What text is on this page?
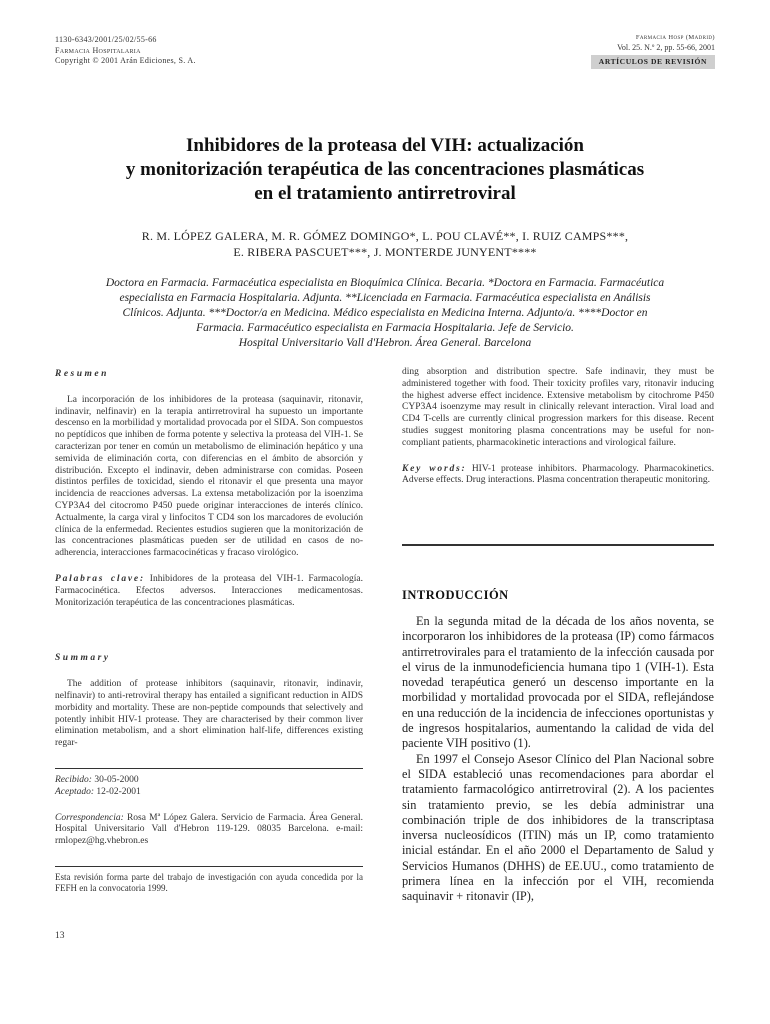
1130-6343/2001/25/02/55-66
Farmacia Hospitalaria
Copyright © 2001 Arán Ediciones, S. A.
Farmacia Hosp (Madrid)
Vol. 25. N.º 2, pp. 55-66, 2001
ARTÍCULOS DE REVISIÓN
Inhibidores de la proteasa del VIH: actualización
y monitorización terapéutica de las concentraciones plasmáticas
en el tratamiento antirretroviral
R. M. LÓPEZ GALERA, M. R. GÓMEZ DOMINGO*, L. POU CLAVÉ**, I. RUIZ CAMPS***,
E. RIBERA PASCUET***, J. MONTERDE JUNYENT****
Doctora en Farmacia. Farmacéutica especialista en Bioquímica Clínica. Becaria. *Doctora en Farmacia. Farmacéutica
especialista en Farmacia Hospitalaria. Adjunta. **Licenciada en Farmacia. Farmacéutica especialista en Análisis
Clínicos. Adjunta. ***Doctor/a en Medicina. Médico especialista en Medicina Interna. Adjunto/a. ****Doctor en
Farmacia. Farmacéutico especialista en Farmacia Hospitalaria. Jefe de Servicio.
Hospital Universitario Vall d'Hebron. Área General. Barcelona
Resumen

La incorporación de los inhibidores de la proteasa (saquinavir, ritonavir, indinavir, nelfinavir) en la terapia antirretroviral ha supuesto un importante descenso en la morbilidad y mortalidad provocada por el SIDA. Son compuestos no peptídicos que inhiben de forma potente y selectiva la proteasa del VIH-1. Se caracterizan por tener en común un metabolismo de eliminación hepático y una semivida de eliminación corta, con diferencias en el ámbito de absorción y distribución. Excepto el indinavir, deben administrarse con comidas. Poseen distintos perfiles de toxicidad, siendo el ritonavir el que presenta una mayor incidencia de reacciones adversas. La extensa metabolización por la isoenzima CYP3A4 del citocromo P450 puede originar interacciones de interés clínico. Actualmente, la carga viral y linfocitos T CD4 son los marcadores de evolución clínica de la enfermedad. Recientes estudios sugieren que la monitorización de las concentraciones plasmáticas pueden ser de utilidad en casos de no-adherencia, interacciones farmacocinéticas y fracaso virológico.

Palabras clave: Inhibidores de la proteasa del VIH-1. Farmacología. Farmacocinética. Efectos adversos. Interacciones medicamentosas. Monitorización terapéutica de las concentraciones plasmáticas.

Summary

The addition of protease inhibitors (saquinavir, ritonavir, indinavir, nelfinavir) to anti-retroviral therapy has entailed a significant reduction in AIDS morbidity and mortality. These are non-peptide compounds that selectively and potently inhibit HIV-1 protease. They are characterised by their common liver elimination metabolism, and a short elimination half-life, differences existing regar-

Recibido: 30-05-2000
Aceptado: 12-02-2001
Correspondencia: Rosa Mª López Galera. Servicio de Farmacia. Área General. Hospital Universitario Vall d'Hebron 119-129. 08035 Barcelona. e-mail: rmlopez@hg.vhebron.es
Esta revisión forma parte del trabajo de investigación con ayuda concedida por la FEFH en la convocatoria 1999.

ding absorption and distribution spectre. Safe indinavir, they must be administered together with food. Their toxicity profiles vary, ritonavir inducing the highest adverse effect incidence. Extensive metabolism by citochrome P450 CYP3A4 isoenzyme may result in clinically relevant interaction. Viral load and CD4 T-cells are currently clinical progression markers for this disease. Recent studies suggest monitoring plasma concentrations may be useful for non-compliant patients, pharmacokinetic interactions and virological failure.

Key words: HIV-1 protease inhibitors. Pharmacology. Pharmacokinetics. Adverse effects. Drug interactions. Plasma concentration therapeutic monitoring.

INTRODUCCIÓN

En la segunda mitad de la década de los años noventa, se incorporaron los inhibidores de la proteasa (IP) como fármacos antirretrovirales para el tratamiento de la infección causada por el virus de la inmunodeficiencia humana tipo 1 (VIH-1). Esta novedad terapéutica generó un descenso importante en la morbilidad y mortalidad provocada por el SIDA, reflejándose en una reducción de la incidencia de infecciones oportunistas y de ingresos hospitalarios, aumentando la calidad de vida del paciente VIH positivo (1).

En 1997 el Consejo Asesor Clínico del Plan Nacional sobre el SIDA estableció unas recomendaciones para abordar el tratamiento farmacológico antirretroviral (2). A los pacientes sin tratamiento previo, se les debía administrar una combinación triple de dos inhibidores de la transcriptasa inversa nucleosídicos (ITIN) más un IP, como tratamiento inicial estándar. En el año 2000 el Departamento de Salud y Servicios Humanos (DHHS) de EE.UU., como tratamiento de primera línea en la infección por el VIH, recomienda saquinavir + ritonavir (IP),

13
